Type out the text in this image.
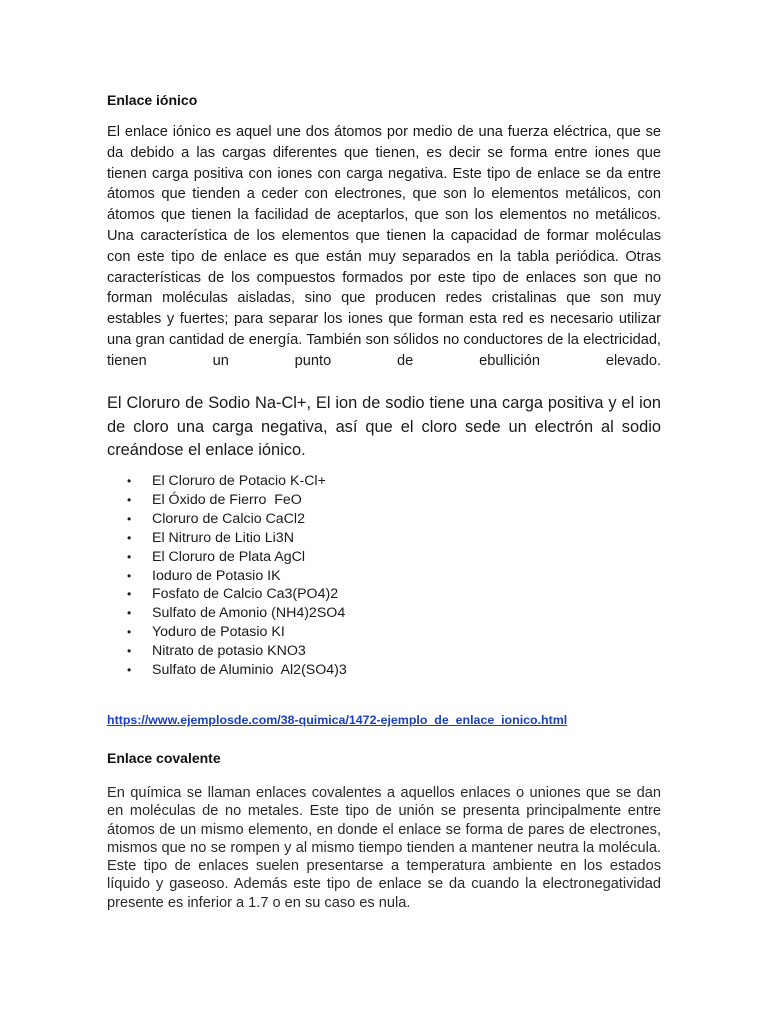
Enlace iónico

El enlace iónico es aquel une dos átomos por medio de una fuerza eléctrica, que se da debido a las cargas diferentes que tienen, es decir se forma entre iones que tienen carga positiva con iones con carga negativa. Este tipo de enlace se da entre átomos que tienden a ceder con electrones, que son lo elementos metálicos, con átomos que tienen la facilidad de aceptarlos, que son los elementos no metálicos. Una característica de los elementos que tienen la capacidad de formar moléculas con este tipo de enlace es que están muy separados en la tabla periódica. Otras características de los compuestos formados por este tipo de enlaces son que no forman moléculas aisladas, sino que producen redes cristalinas que son muy estables y fuertes; para separar los iones que forman esta red es necesario utilizar una gran cantidad de energía. También son sólidos no conductores de la electricidad, tienen un punto de ebullición elevado.

El Cloruro de Sodio Na-Cl+, El ion de sodio tiene una carga positiva y el ion de cloro una carga negativa, así que el cloro sede un electrón al sodio creándose el enlace iónico.

• El Cloruro de Potacio K-Cl+
• El Óxido de Fierro  FeO
• Cloruro de Calcio CaCl2
• El Nitruro de Litio Li3N
• El Cloruro de Plata AgCl
• Ioduro de Potasio IK
• Fosfato de Calcio Ca3(PO4)2
• Sulfato de Amonio (NH4)2SO4
• Yoduro de Potasio KI
• Nitrato de potasio KNO3
• Sulfato de Aluminio  Al2(SO4)3
https://www.ejemplosde.com/38-quimica/1472-ejemplo_de_enlace_ionico.html
Enlace covalente

En química se llaman enlaces covalentes a aquellos enlaces o uniones que se dan en moléculas de no metales. Este tipo de unión se presenta principalmente entre átomos de un mismo elemento, en donde el enlace se forma de pares de electrones, mismos que no se rompen y al mismo tiempo tienden a mantener neutra la molécula. Este tipo de enlaces suelen presentarse a temperatura ambiente en los estados líquido y gaseoso. Además este tipo de enlace se da cuando la electronegatividad presente es inferior a 1.7 o en su caso es nula.
